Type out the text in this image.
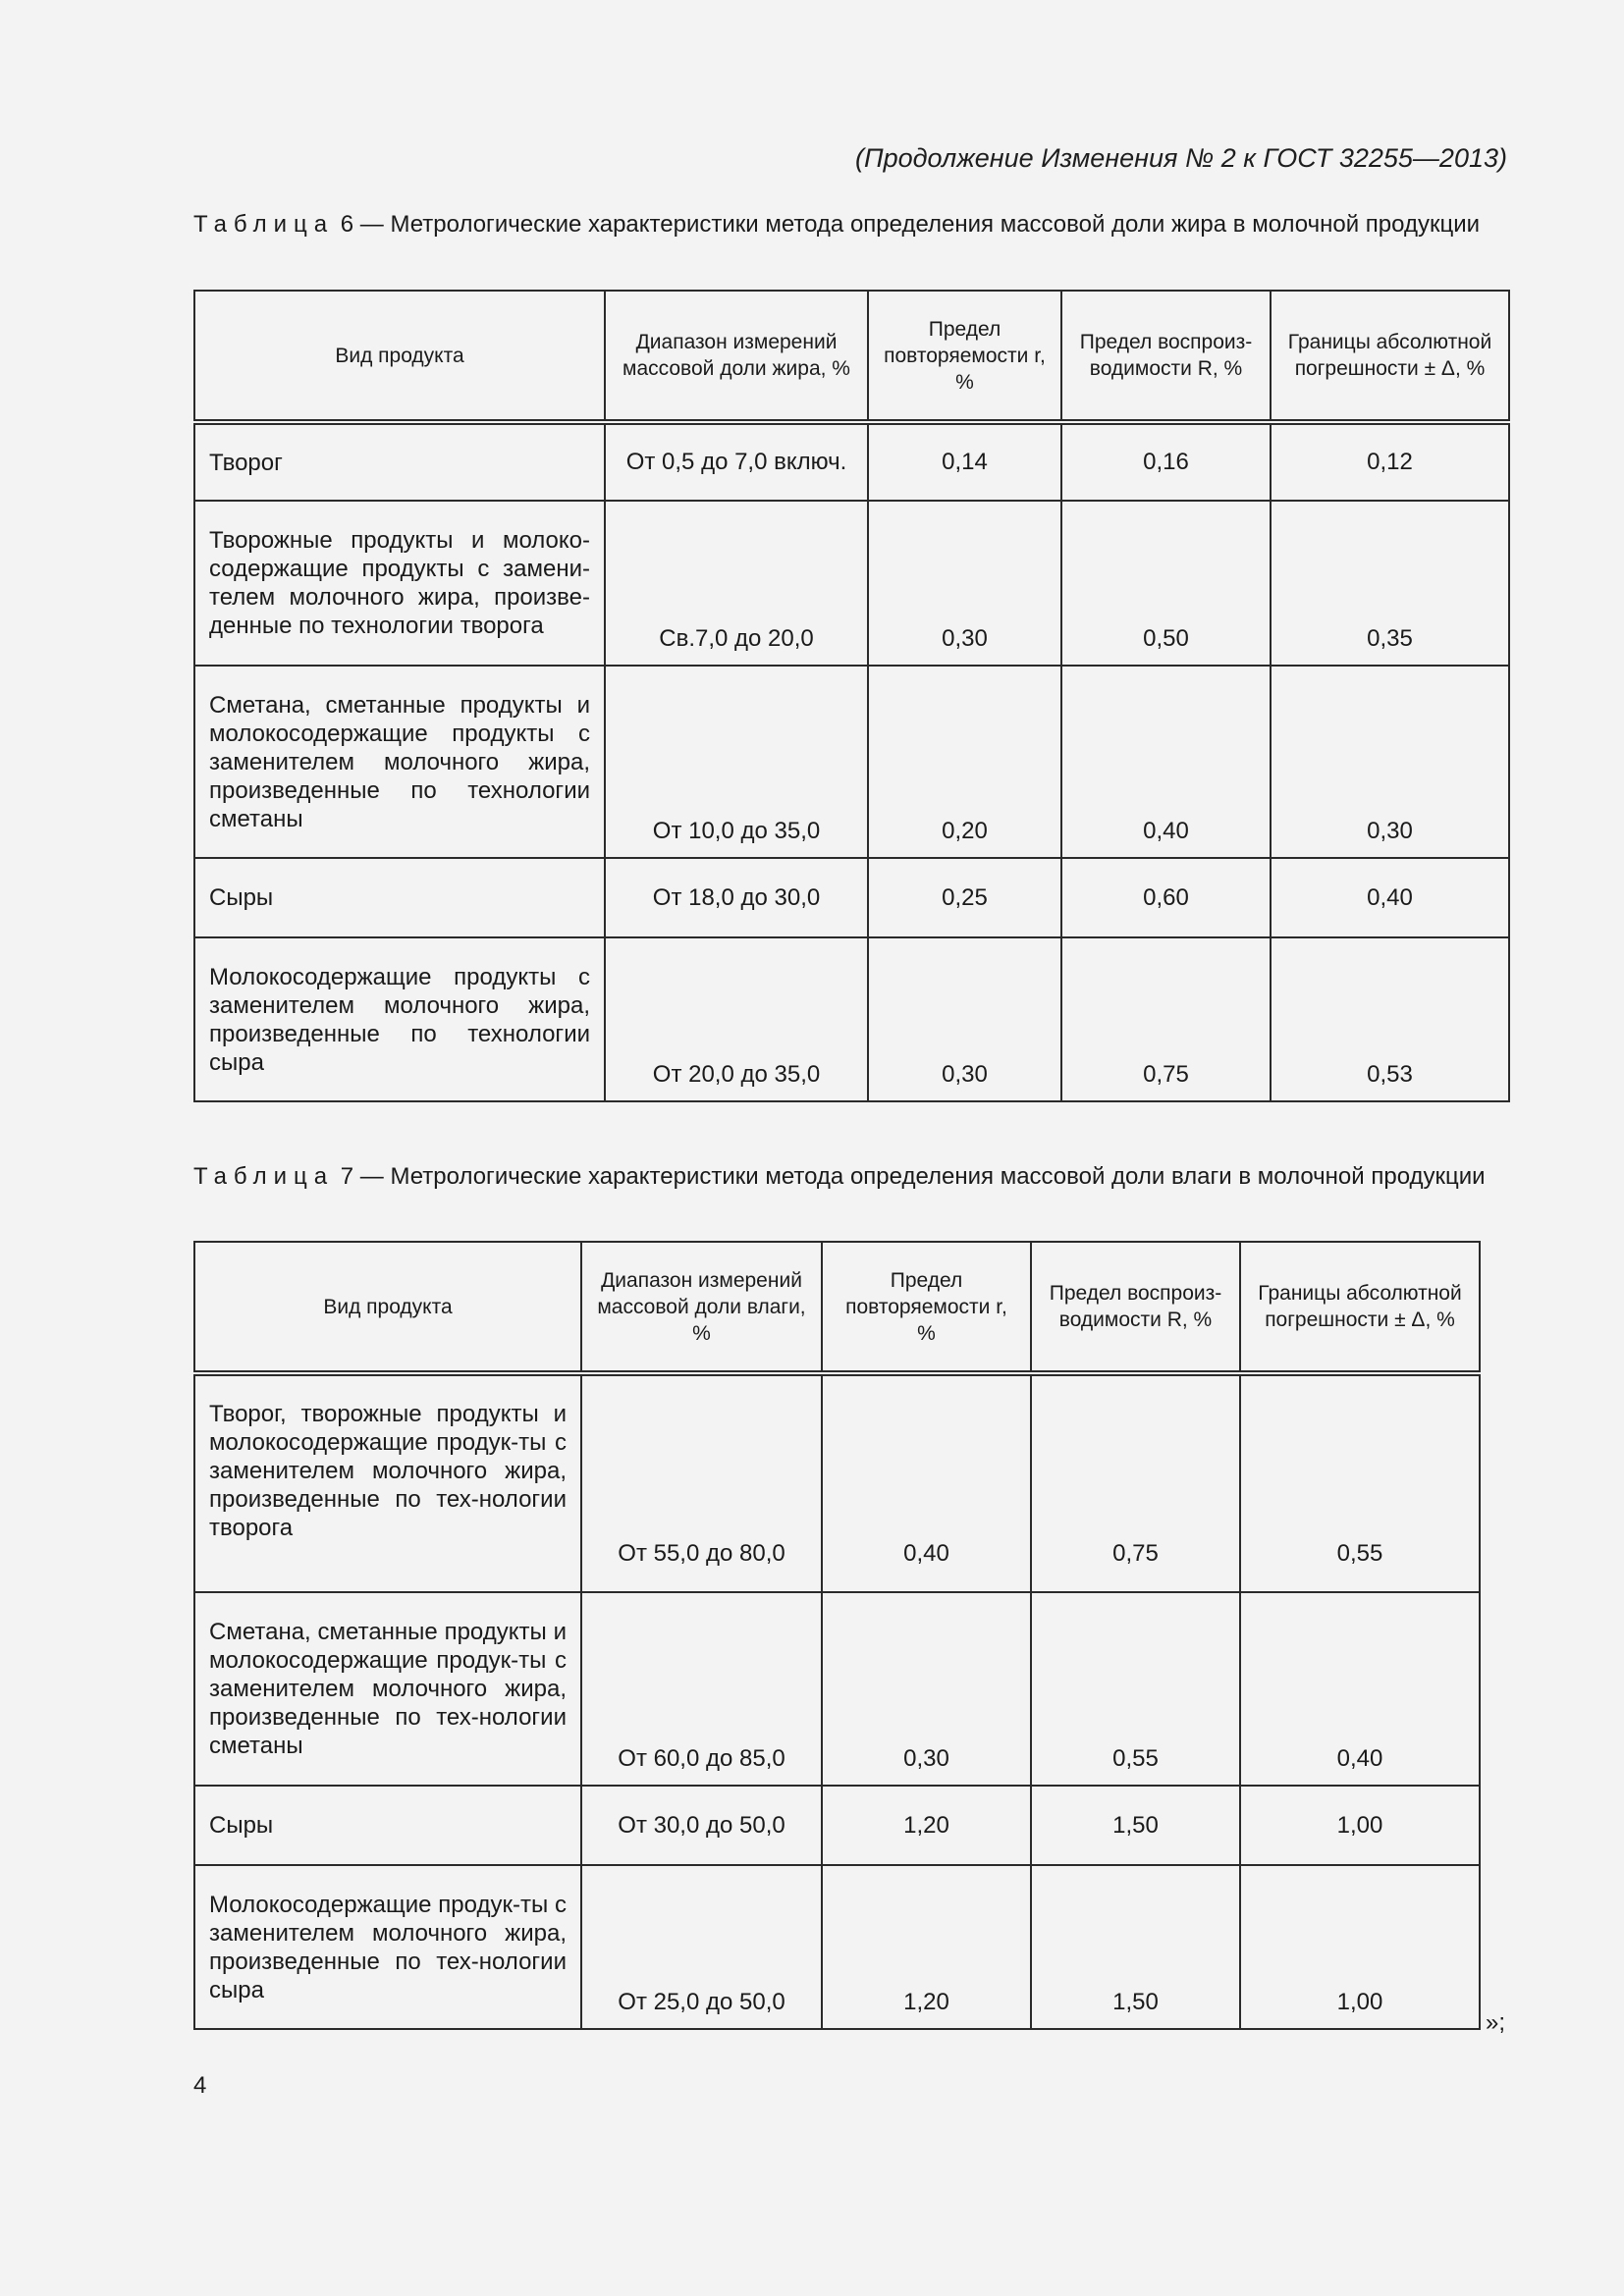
(Продолжение Изменения № 2 к ГОСТ 32255—2013)
Таблица 6 — Метрологические характеристики метода определения массовой доли жира в молочной продукции
Вид продукта	Диапазон измерений массовой доли жира, %	Предел повторяемости r, %	Предел воспроиз-водимости R, %	Границы абсолютной погрешности ± Δ, %
Творог	От 0,5 до 7,0 включ.	0,14	0,16	0,12
Творожные продукты и молоко-содержащие продукты с замени-телем молочного жира, произве-денные по технологии творога	Св.7,0 до 20,0	0,30	0,50	0,35
Сметана, сметанные продукты и молокосодержащие продукты с заменителем молочного жира, произведенные по технологии сметаны	От 10,0 до 35,0	0,20	0,40	0,30
Сыры	От 18,0 до 30,0	0,25	0,60	0,40
Молокосодержащие продукты с заменителем молочного жира, произведенные по технологии сыра	От 20,0 до 35,0	0,30	0,75	0,53
Таблица 7 — Метрологические характеристики метода определения массовой доли влаги в молочной продукции
Вид продукта	Диапазон измерений массовой доли влаги, %	Предел повторяемости r, %	Предел воспроиз-водимости R, %	Границы абсолютной погрешности ± Δ, %
Творог, творожные продукты и молокосодержащие продук-ты с заменителем молочного жира, произведенные по тех-нологии творога	От 55,0 до 80,0	0,40	0,75	0,55
Сметана, сметанные продукты и молокосодержащие продук-ты с заменителем молочного жира, произведенные по тех-нологии сметаны	От 60,0 до 85,0	0,30	0,55	0,40
Сыры	От 30,0 до 50,0	1,20	1,50	1,00
Молокосодержащие продук-ты с заменителем молочного жира, произведенные по тех-нологии сыра	От 25,0 до 50,0	1,20	1,50	1,00
»;
4
